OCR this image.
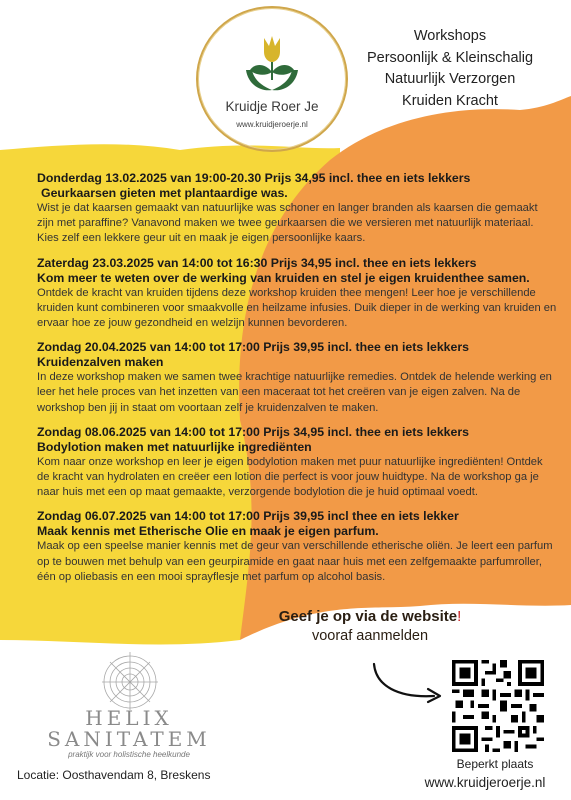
Kruidje Roer Je
www.kruidjeroerje.nl
Workshops
Persoonlijk & Kleinschalig
Natuurlijk Verzorgen
Kruiden Kracht
Donderdag 13.02.2025 van 19:00-20.30 Prijs 34,95 incl. thee en iets lekkers
Geurkaarsen gieten met plantaardige was.
Wist je dat kaarsen gemaakt van natuurlijke was schoner en langer branden als kaarsen die gemaakt zijn met paraffine? Vanavond maken we twee geurkaarsen die we versieren met natuurlijk materiaal. Kies zelf een lekkere geur uit en maak je eigen persoonlijke kaars.
Zaterdag 23.03.2025 van 14:00 tot 16:30 Prijs 34,95 incl. thee en iets lekkers
Kom meer te weten over de werking van kruiden en stel je eigen kruidenthee samen.
Ontdek de kracht van kruiden tijdens deze workshop kruiden thee mengen! Leer hoe je verschillende kruiden kunt combineren voor smaakvolle en heilzame infusies. Duik dieper in de werking van kruiden en ervaar hoe ze jouw gezondheid en welzijn kunnen bevorderen.
Zondag 20.04.2025 van 14:00 tot 17:00 Prijs 39,95 incl. thee en iets lekkers
Kruidenzalven maken
In deze workshop maken we samen twee krachtige natuurlijke remedies. Ontdek de helende werking en leer het hele proces van het inzetten van een maceraat tot het creëren van je eigen zalven. Na de workshop ben jij in staat om voortaan zelf je kruidenzalven te maken.
Zondag 08.06.2025 van 14:00 tot 17:00 Prijs 34,95 incl. thee en iets lekkers
Bodylotion maken met natuurlijke ingrediënten
Kom naar onze workshop en leer je eigen bodylotion maken met puur natuurlijke ingrediënten! Ontdek de kracht van hydrolaten en creëer een lotion die perfect is voor jouw huidtype. Na de workshop ga je naar huis met een op maat gemaakte, verzorgende bodylotion die je huid optimaal voedt.
Zondag 06.07.2025 van 14:00 tot 17:00 Prijs 39,95 incl thee en iets lekker
Maak kennis met Etherische Olie en maak je eigen parfum.
Maak op een speelse manier kennis met de geur van verschillende etherische oliën. Je leert een parfum op te bouwen met behulp van een geurpiramide en gaat naar huis met een zelfgemaakte parfumroller, één op oliebasis en een mooi sprayflesje met parfum op alcohol basis.
Geef je op via de website!
vooraf aanmelden
Beperkt plaats
www.kruidjeroerje.nl
HELIX
SANITATEM
praktijk voor holistische heelkunde
Locatie: Oosthavendam 8, Breskens
